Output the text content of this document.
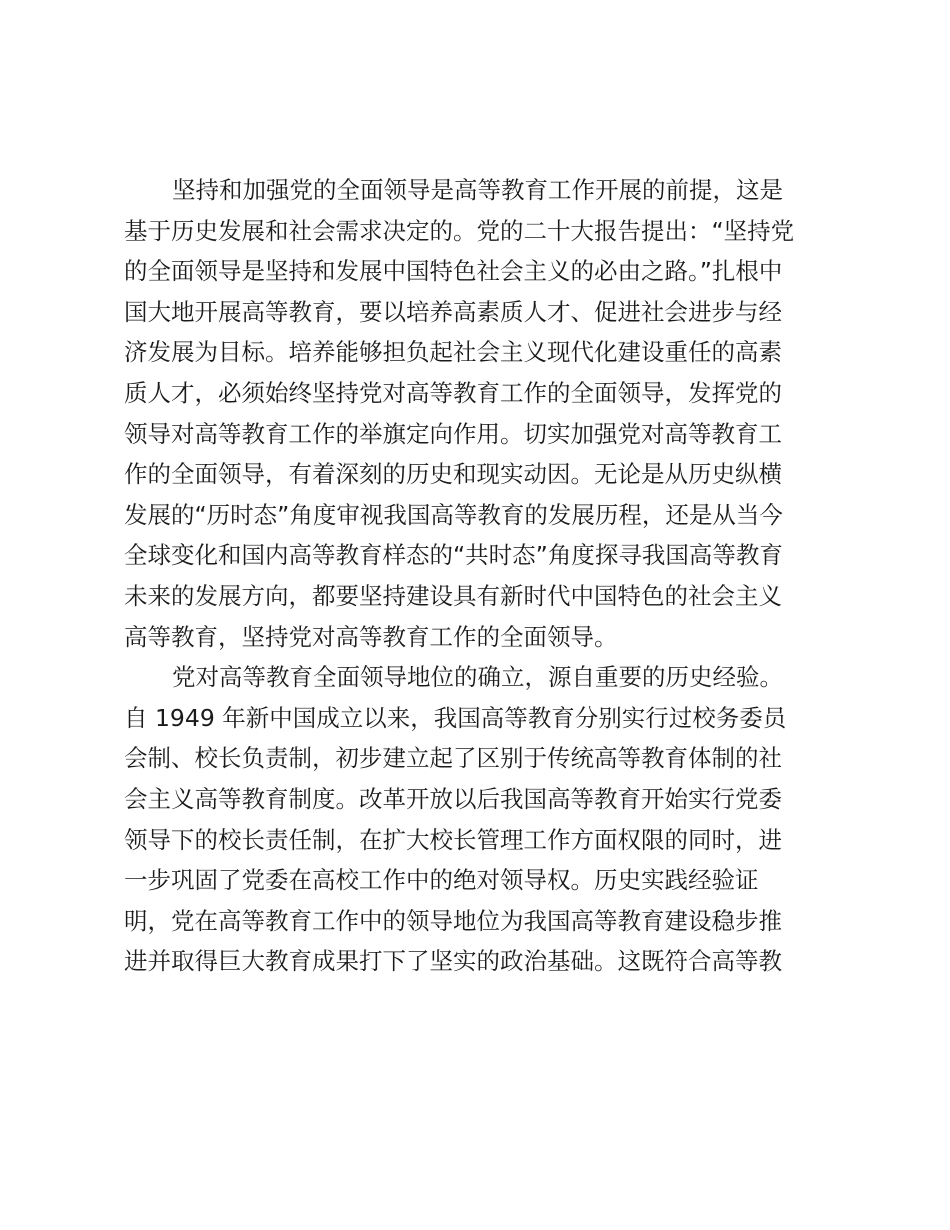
坚持和加强党的全面领导是高等教育工作开展的前提，这是
基于历史发展和社会需求决定的。党的二十大报告提出：“坚持党
的全面领导是坚持和发展中国特色社会主义的必由之路。”扎根中
国大地开展高等教育，要以培养高素质人才、促进社会进步与经
济发展为目标。培养能够担负起社会主义现代化建设重任的高素
质人才，必须始终坚持党对高等教育工作的全面领导，发挥党的
领导对高等教育工作的举旗定向作用。切实加强党对高等教育工
作的全面领导，有着深刻的历史和现实动因。无论是从历史纵横
发展的“历时态”角度审视我国高等教育的发展历程，还是从当今
全球变化和国内高等教育样态的“共时态”角度探寻我国高等教育
未来的发展方向，都要坚持建设具有新时代中国特色的社会主义
高等教育，坚持党对高等教育工作的全面领导。
党对高等教育全面领导地位的确立，源自重要的历史经验。
自 1949 年新中国成立以来，我国高等教育分别实行过校务委员
会制、校长负责制，初步建立起了区别于传统高等教育体制的社
会主义高等教育制度。改革开放以后我国高等教育开始实行党委
领导下的校长责任制，在扩大校长管理工作方面权限的同时，进
一步巩固了党委在高校工作中的绝对领导权。历史实践经验证
明，党在高等教育工作中的领导地位为我国高等教育建设稳步推
进并取得巨大教育成果打下了坚实的政治基础。这既符合高等教
